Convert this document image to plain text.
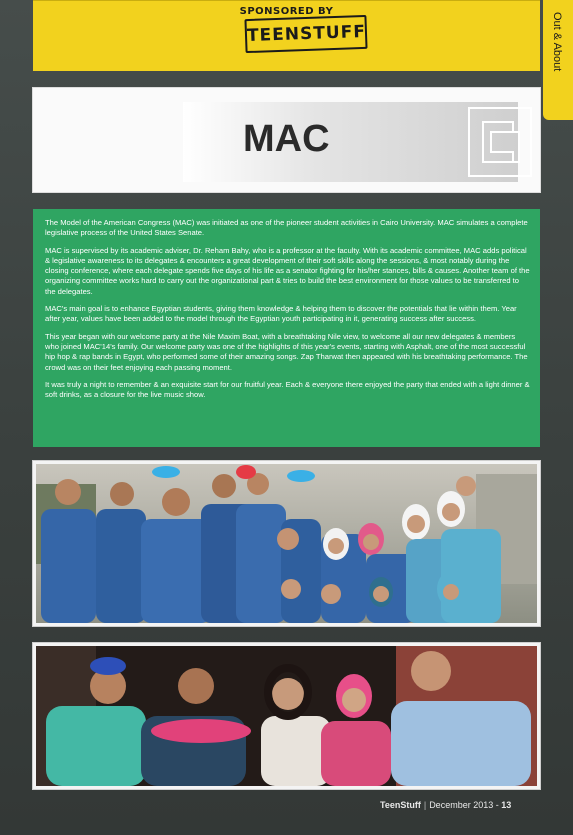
SPONSORED BY
TEENSTUFF	Out & About
MAC

The Model of the American Congress (MAC) was initiated as one of the pioneer student activities in Cairo University. MAC simulates a complete legislative process of the United States Senate.

MAC is supervised by its academic adviser, Dr. Reham Bahy, who is a professor at the faculty. With its academic committee, MAC adds political & legislative awareness to its delegates & encounters a great development of their soft skills along the sessions, & most notably during the closing conference, where each delegate spends five days of his life as a senator fighting for his/her stances, bills & causes. Another team of the organizing committee works hard to carry out the organizational part & tries to build the best environment for those values to be transferred to the delegates.

MAC's main goal is to enhance Egyptian students, giving them knowledge & helping them to discover the potentials that lie within them. Year after year, values have been added to the model through the Egyptian youth participating in it, generating success after success.

This year began with our welcome party at the Nile Maxim Boat, with a breathtaking Nile view, to welcome all our new delegates & members who joined MAC'14's family. Our welcome party was one of the highlights of this year's events, starting with Asphalt, one of the most successful hip hop & rap bands in Egypt, who performed some of their amazing songs. Zap Tharwat then appeared with his breathtaking performance. The crowd was on their feet enjoying each passing moment.

It was truly a night to remember & an exquisite start for our fruitful year. Each & everyone there enjoyed the party that ended with a light dinner & soft drinks, as a closure for the live music show.

TeenStuff | December 2013 - 13
